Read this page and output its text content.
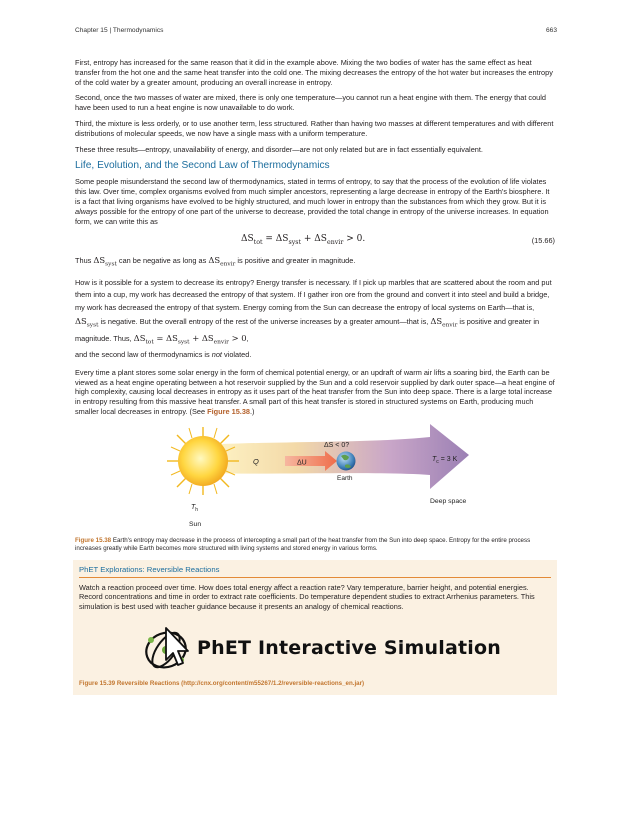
Chapter 15 | Thermodynamics	663

First, entropy has increased for the same reason that it did in the example above. Mixing the two bodies of water has the same effect as heat transfer from the hot one and the same heat transfer into the cold one. The mixing decreases the entropy of the hot water but increases the entropy of the cold water by a greater amount, producing an overall increase in entropy.

Second, once the two masses of water are mixed, there is only one temperature—you cannot run a heat engine with them. The energy that could have been used to run a heat engine is now unavailable to do work.

Third, the mixture is less orderly, or to use another term, less structured. Rather than having two masses at different temperatures and with different distributions of molecular speeds, we now have a single mass with a uniform temperature.

These three results—entropy, unavailability of energy, and disorder—are not only related but are in fact essentially equivalent.

Life, Evolution, and the Second Law of Thermodynamics

Some people misunderstand the second law of thermodynamics, stated in terms of entropy, to say that the process of the evolution of life violates this law. Over time, complex organisms evolved from much simpler ancestors, representing a large decrease in entropy of the Earth's biosphere. It is a fact that living organisms have evolved to be highly structured, and much lower in entropy than the substances from which they grow. But it is always possible for the entropy of one part of the universe to decrease, provided the total change in entropy of the universe increases. In equation form, we can write this as

$\Delta S_{tot} = \Delta S_{syst} + \Delta S_{envir} > 0$.	(15.66)

Thus $\Delta S_{syst}$ can be negative as long as $\Delta S_{envir}$ is positive and greater in magnitude.

How is it possible for a system to decrease its entropy? Energy transfer is necessary. If I pick up marbles that are scattered about the room and put them into a cup, my work has decreased the entropy of that system. If I gather iron ore from the ground and convert it into steel and build a bridge, my work has decreased the entropy of that system. Energy coming from the Sun can decrease the entropy of local systems on Earth—that is, $\Delta S_{syst}$ is negative. But the overall entropy of the rest of the universe increases by a greater amount—that is, $\Delta S_{envir}$ is positive and greater in magnitude. Thus, $\Delta S_{tot} = \Delta S_{syst} + \Delta S_{envir} > 0$,
and the second law of thermodynamics is not violated.

Every time a plant stores some solar energy in the form of chemical potential energy, or an updraft of warm air lifts a soaring bird, the Earth can be viewed as a heat engine operating between a hot reservoir supplied by the Sun and a cold reservoir supplied by dark outer space—a heat engine of high complexity, causing local decreases in entropy as it uses part of the heat transfer from the Sun into deep space. There is a large total increase in entropy resulting from this massive heat transfer. A small part of this heat transfer is stored in structured systems on Earth, producing much smaller local decreases in entropy. (See Figure 15.38.)

Q	ΔU
ΔS < 0?
Earth
$T_c = 3$ K
Deep space
$T_h$
Sun
Figure 15.38 Earth's entropy may decrease in the process of intercepting a small part of the heat transfer from the Sun into deep space. Entropy for the entire process increases greatly while Earth becomes more structured with living systems and stored energy in various forms.
PhET Explorations: Reversible Reactions

Watch a reaction proceed over time. How does total energy affect a reaction rate? Vary temperature, barrier height, and potential energies. Record concentrations and time in order to extract rate coefficients. Do temperature dependent studies to extract Arrhenius parameters. This simulation is best used with teacher guidance because it presents an analogy of chemical reactions.

PhET Interactive Simulation
Figure 15.39 Reversible Reactions (http://cnx.org/content/m55267/1.2/reversible-reactions_en.jar)
